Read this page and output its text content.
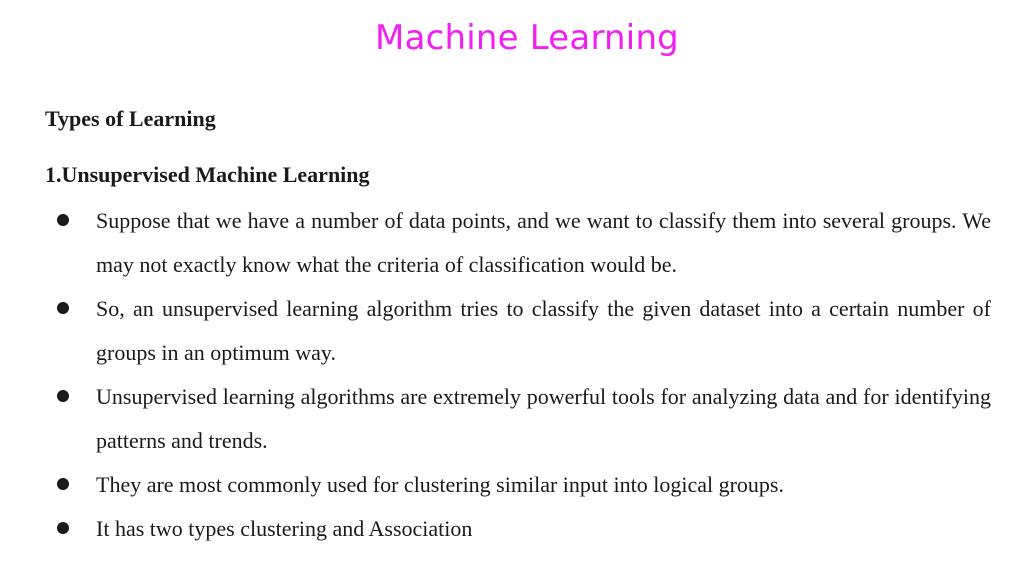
Machine Learning
Types of Learning
1.Unsupervised Machine Learning
Suppose that we have a number of data points, and we want to classify them into several groups. We may not exactly know what the criteria of classification would be.
So, an unsupervised learning algorithm tries to classify the given dataset into a certain number of groups in an optimum way.
Unsupervised learning algorithms are extremely powerful tools for analyzing data and for identifying patterns and trends.
They are most commonly used for clustering similar input into logical groups.
It has two types clustering and Association
